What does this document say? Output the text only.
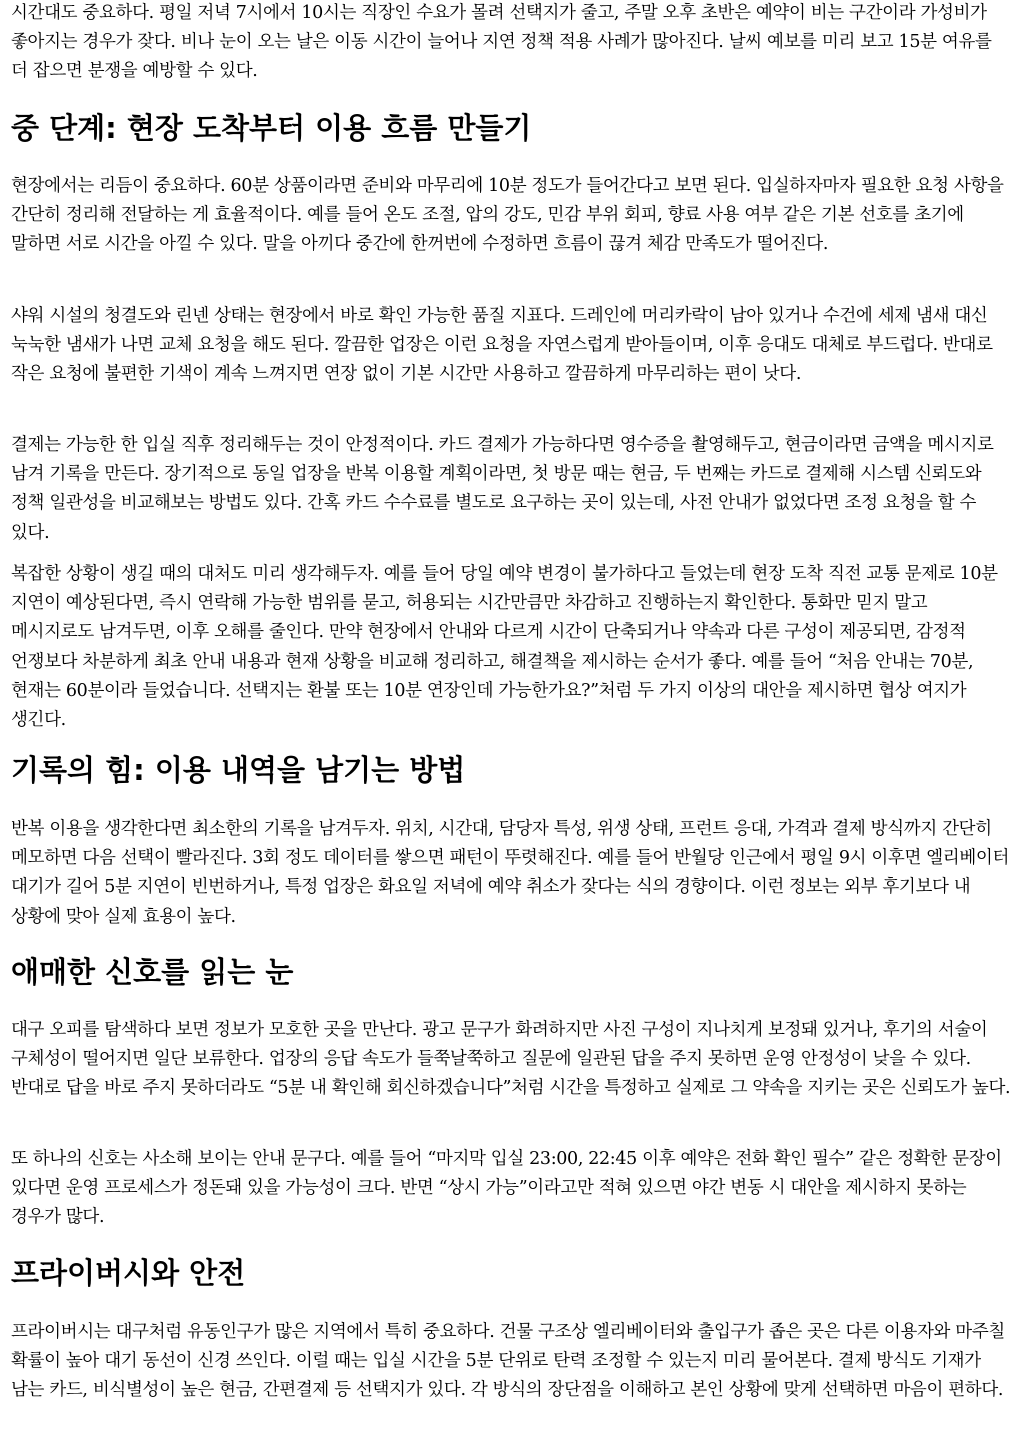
시간대도 중요하다. 평일 저녁 7시에서 10시는 직장인 수요가 몰려 선택지가 줄고, 주말 오후 초반은 예약이 비는 구간이라 가성비가 좋아지는 경우가 잦다. 비나 눈이 오는 날은 이동 시간이 늘어나 지연 정책 적용 사례가 많아진다. 날씨 예보를 미리 보고 15분 여유를 더 잡으면 분쟁을 예방할 수 있다.

중 단계: 현장 도착부터 이용 흐름 만들기

현장에서는 리듬이 중요하다. 60분 상품이라면 준비와 마무리에 10분 정도가 들어간다고 보면 된다. 입실하자마자 필요한 요청 사항을 간단히 정리해 전달하는 게 효율적이다. 예를 들어 온도 조절, 압의 강도, 민감 부위 회피, 향료 사용 여부 같은 기본 선호를 초기에 말하면 서로 시간을 아낄 수 있다. 말을 아끼다 중간에 한꺼번에 수정하면 흐름이 끊겨 체감 만족도가 떨어진다.

샤워 시설의 청결도와 린넨 상태는 현장에서 바로 확인 가능한 품질 지표다. 드레인에 머리카락이 남아 있거나 수건에 세제 냄새 대신 눅눅한 냄새가 나면 교체 요청을 해도 된다. 깔끔한 업장은 이런 요청을 자연스럽게 받아들이며, 이후 응대도 대체로 부드럽다. 반대로 작은 요청에 불편한 기색이 계속 느껴지면 연장 없이 기본 시간만 사용하고 깔끔하게 마무리하는 편이 낫다.

결제는 가능한 한 입실 직후 정리해두는 것이 안정적이다. 카드 결제가 가능하다면 영수증을 촬영해두고, 현금이라면 금액을 메시지로 남겨 기록을 만든다. 장기적으로 동일 업장을 반복 이용할 계획이라면, 첫 방문 때는 현금, 두 번째는 카드로 결제해 시스템 신뢰도와 정책 일관성을 비교해보는 방법도 있다. 간혹 카드 수수료를 별도로 요구하는 곳이 있는데, 사전 안내가 없었다면 조정 요청을 할 수 있다.

복잡한 상황이 생길 때의 대처도 미리 생각해두자. 예를 들어 당일 예약 변경이 불가하다고 들었는데 현장 도착 직전 교통 문제로 10분 지연이 예상된다면, 즉시 연락해 가능한 범위를 묻고, 허용되는 시간만큼만 차감하고 진행하는지 확인한다. 통화만 믿지 말고 메시지로도 남겨두면, 이후 오해를 줄인다. 만약 현장에서 안내와 다르게 시간이 단축되거나 약속과 다른 구성이 제공되면, 감정적 언쟁보다 차분하게 최초 안내 내용과 현재 상황을 비교해 정리하고, 해결책을 제시하는 순서가 좋다. 예를 들어 “처음 안내는 70분, 현재는 60분이라 들었습니다. 선택지는 환불 또는 10분 연장인데 가능한가요?”처럼 두 가지 이상의 대안을 제시하면 협상 여지가 생긴다.

기록의 힘: 이용 내역을 남기는 방법

반복 이용을 생각한다면 최소한의 기록을 남겨두자. 위치, 시간대, 담당자 특성, 위생 상태, 프런트 응대, 가격과 결제 방식까지 간단히 메모하면 다음 선택이 빨라진다. 3회 정도 데이터를 쌓으면 패턴이 뚜렷해진다. 예를 들어 반월당 인근에서 평일 9시 이후면 엘리베이터 대기가 길어 5분 지연이 빈번하거나, 특정 업장은 화요일 저녁에 예약 취소가 잦다는 식의 경향이다. 이런 정보는 외부 후기보다 내 상황에 맞아 실제 효용이 높다.

애매한 신호를 읽는 눈

대구 오피를 탐색하다 보면 정보가 모호한 곳을 만난다. 광고 문구가 화려하지만 사진 구성이 지나치게 보정돼 있거나, 후기의 서술이 구체성이 떨어지면 일단 보류한다. 업장의 응답 속도가 들쭉날쭉하고 질문에 일관된 답을 주지 못하면 운영 안정성이 낮을 수 있다. 반대로 답을 바로 주지 못하더라도 “5분 내 확인해 회신하겠습니다”처럼 시간을 특정하고 실제로 그 약속을 지키는 곳은 신뢰도가 높다.

또 하나의 신호는 사소해 보이는 안내 문구다. 예를 들어 “마지막 입실 23:00, 22:45 이후 예약은 전화 확인 필수” 같은 정확한 문장이 있다면 운영 프로세스가 정돈돼 있을 가능성이 크다. 반면 “상시 가능”이라고만 적혀 있으면 야간 변동 시 대안을 제시하지 못하는 경우가 많다.

프라이버시와 안전

프라이버시는 대구처럼 유동인구가 많은 지역에서 특히 중요하다. 건물 구조상 엘리베이터와 출입구가 좁은 곳은 다른 이용자와 마주칠 확률이 높아 대기 동선이 신경 쓰인다. 이럴 때는 입실 시간을 5분 단위로 탄력 조정할 수 있는지 미리 물어본다. 결제 방식도 기재가 남는 카드, 비식별성이 높은 현금, 간편결제 등 선택지가 있다. 각 방식의 장단점을 이해하고 본인 상황에 맞게 선택하면 마음이 편하다.
